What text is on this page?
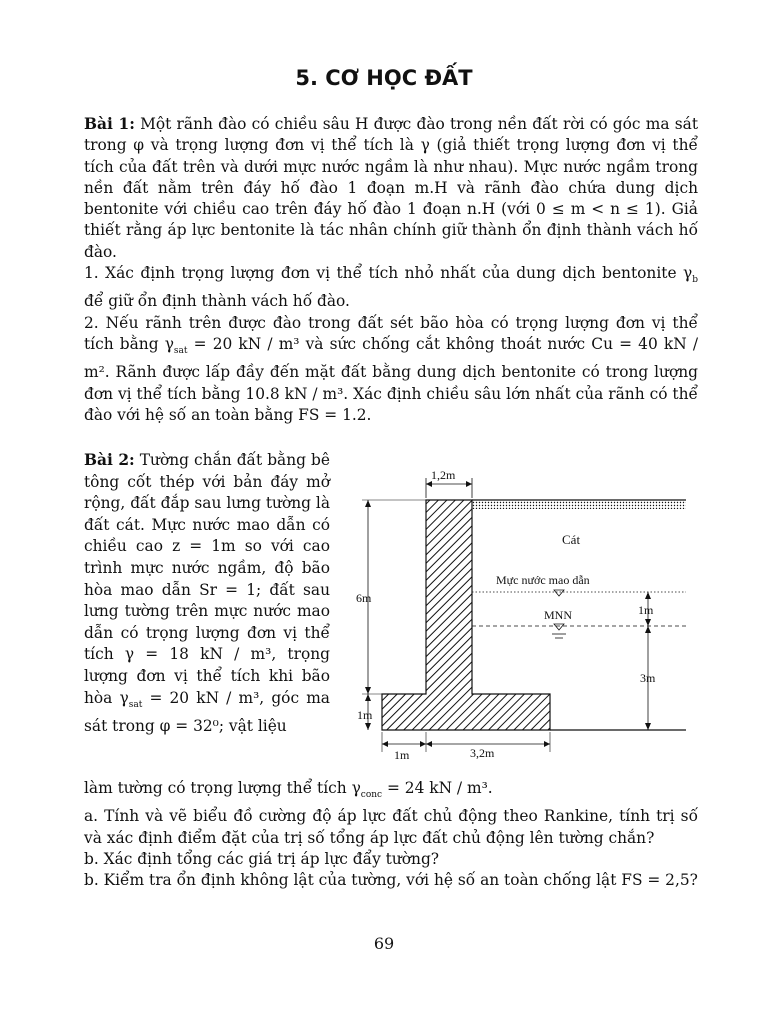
5. CƠ HỌC ĐẤT

Bài 1: Một rãnh đào có chiều sâu H được đào trong nền đất rời có góc ma sát trong φ và trọng lượng đơn vị thể tích là γ (giả thiết trọng lượng đơn vị thể tích của đất trên và dưới mực nước ngầm là như nhau). Mực nước ngầm trong nền đất nằm trên đáy hố đào 1 đoạn m.H và rãnh đào chứa dung dịch bentonite với chiều cao trên đáy hố đào 1 đoạn n.H (với 0 ≤ m < n ≤ 1). Giả thiết rằng áp lực bentonite là tác nhân chính giữ thành ổn định thành vách hố đào.

1. Xác định trọng lượng đơn vị thể tích nhỏ nhất của dung dịch bentonite $\gamma_b$ để giữ ổn định thành vách hố đào.

2. Nếu rãnh trên được đào trong đất sét bão hòa có trọng lượng đơn vị thể tích bằng $\gamma_{sat} = 20$ kN / m³ và sức chống cắt không thoát nước Cu = 40 kN / m². Rãnh được lấp đầy đến mặt đất bằng dung dịch bentonite có trong lượng đơn vị thể tích bằng 10.8 kN / m³. Xác định chiều sâu lớn nhất của rãnh có thể đào với hệ số an toàn bằng FS = 1.2.

Bài 2: Tường chắn đất bằng bê tông cốt thép với bản đáy mở rộng, đất đắp sau lưng tường là đất cát. Mực nước mao dẫn có chiều cao z = 1m so với cao trình mực nước ngầm, độ bão hòa mao dẫn Sr = 1; đất sau lưng tường trên mực nước mao dẫn có trọng lượng đơn vị thể tích γ = 18 kN / m³, trọng lượng đơn vị thể tích khi bão hòa $\gamma_{sat} = 20$ kN / m³, góc ma sát trong φ = 32⁰; vật liệu

1,2m
6m
1m
1m
3m
1m	3,2m
Cát
Mực nước mao dẫn
MNN

làm tường có trọng lượng thể tích $\gamma_{conc} = 24$ kN / m³.

a. Tính và vẽ biểu đồ cường độ áp lực đất chủ động theo Rankine, tính trị số và xác định điểm đặt của trị số tổng áp lực đất chủ động lên tường chắn?

b. Xác định tổng các giá trị áp lực đẩy tường?

b. Kiểm tra ổn định không lật của tường, với hệ số an toàn chống lật FS = 2,5?

69
